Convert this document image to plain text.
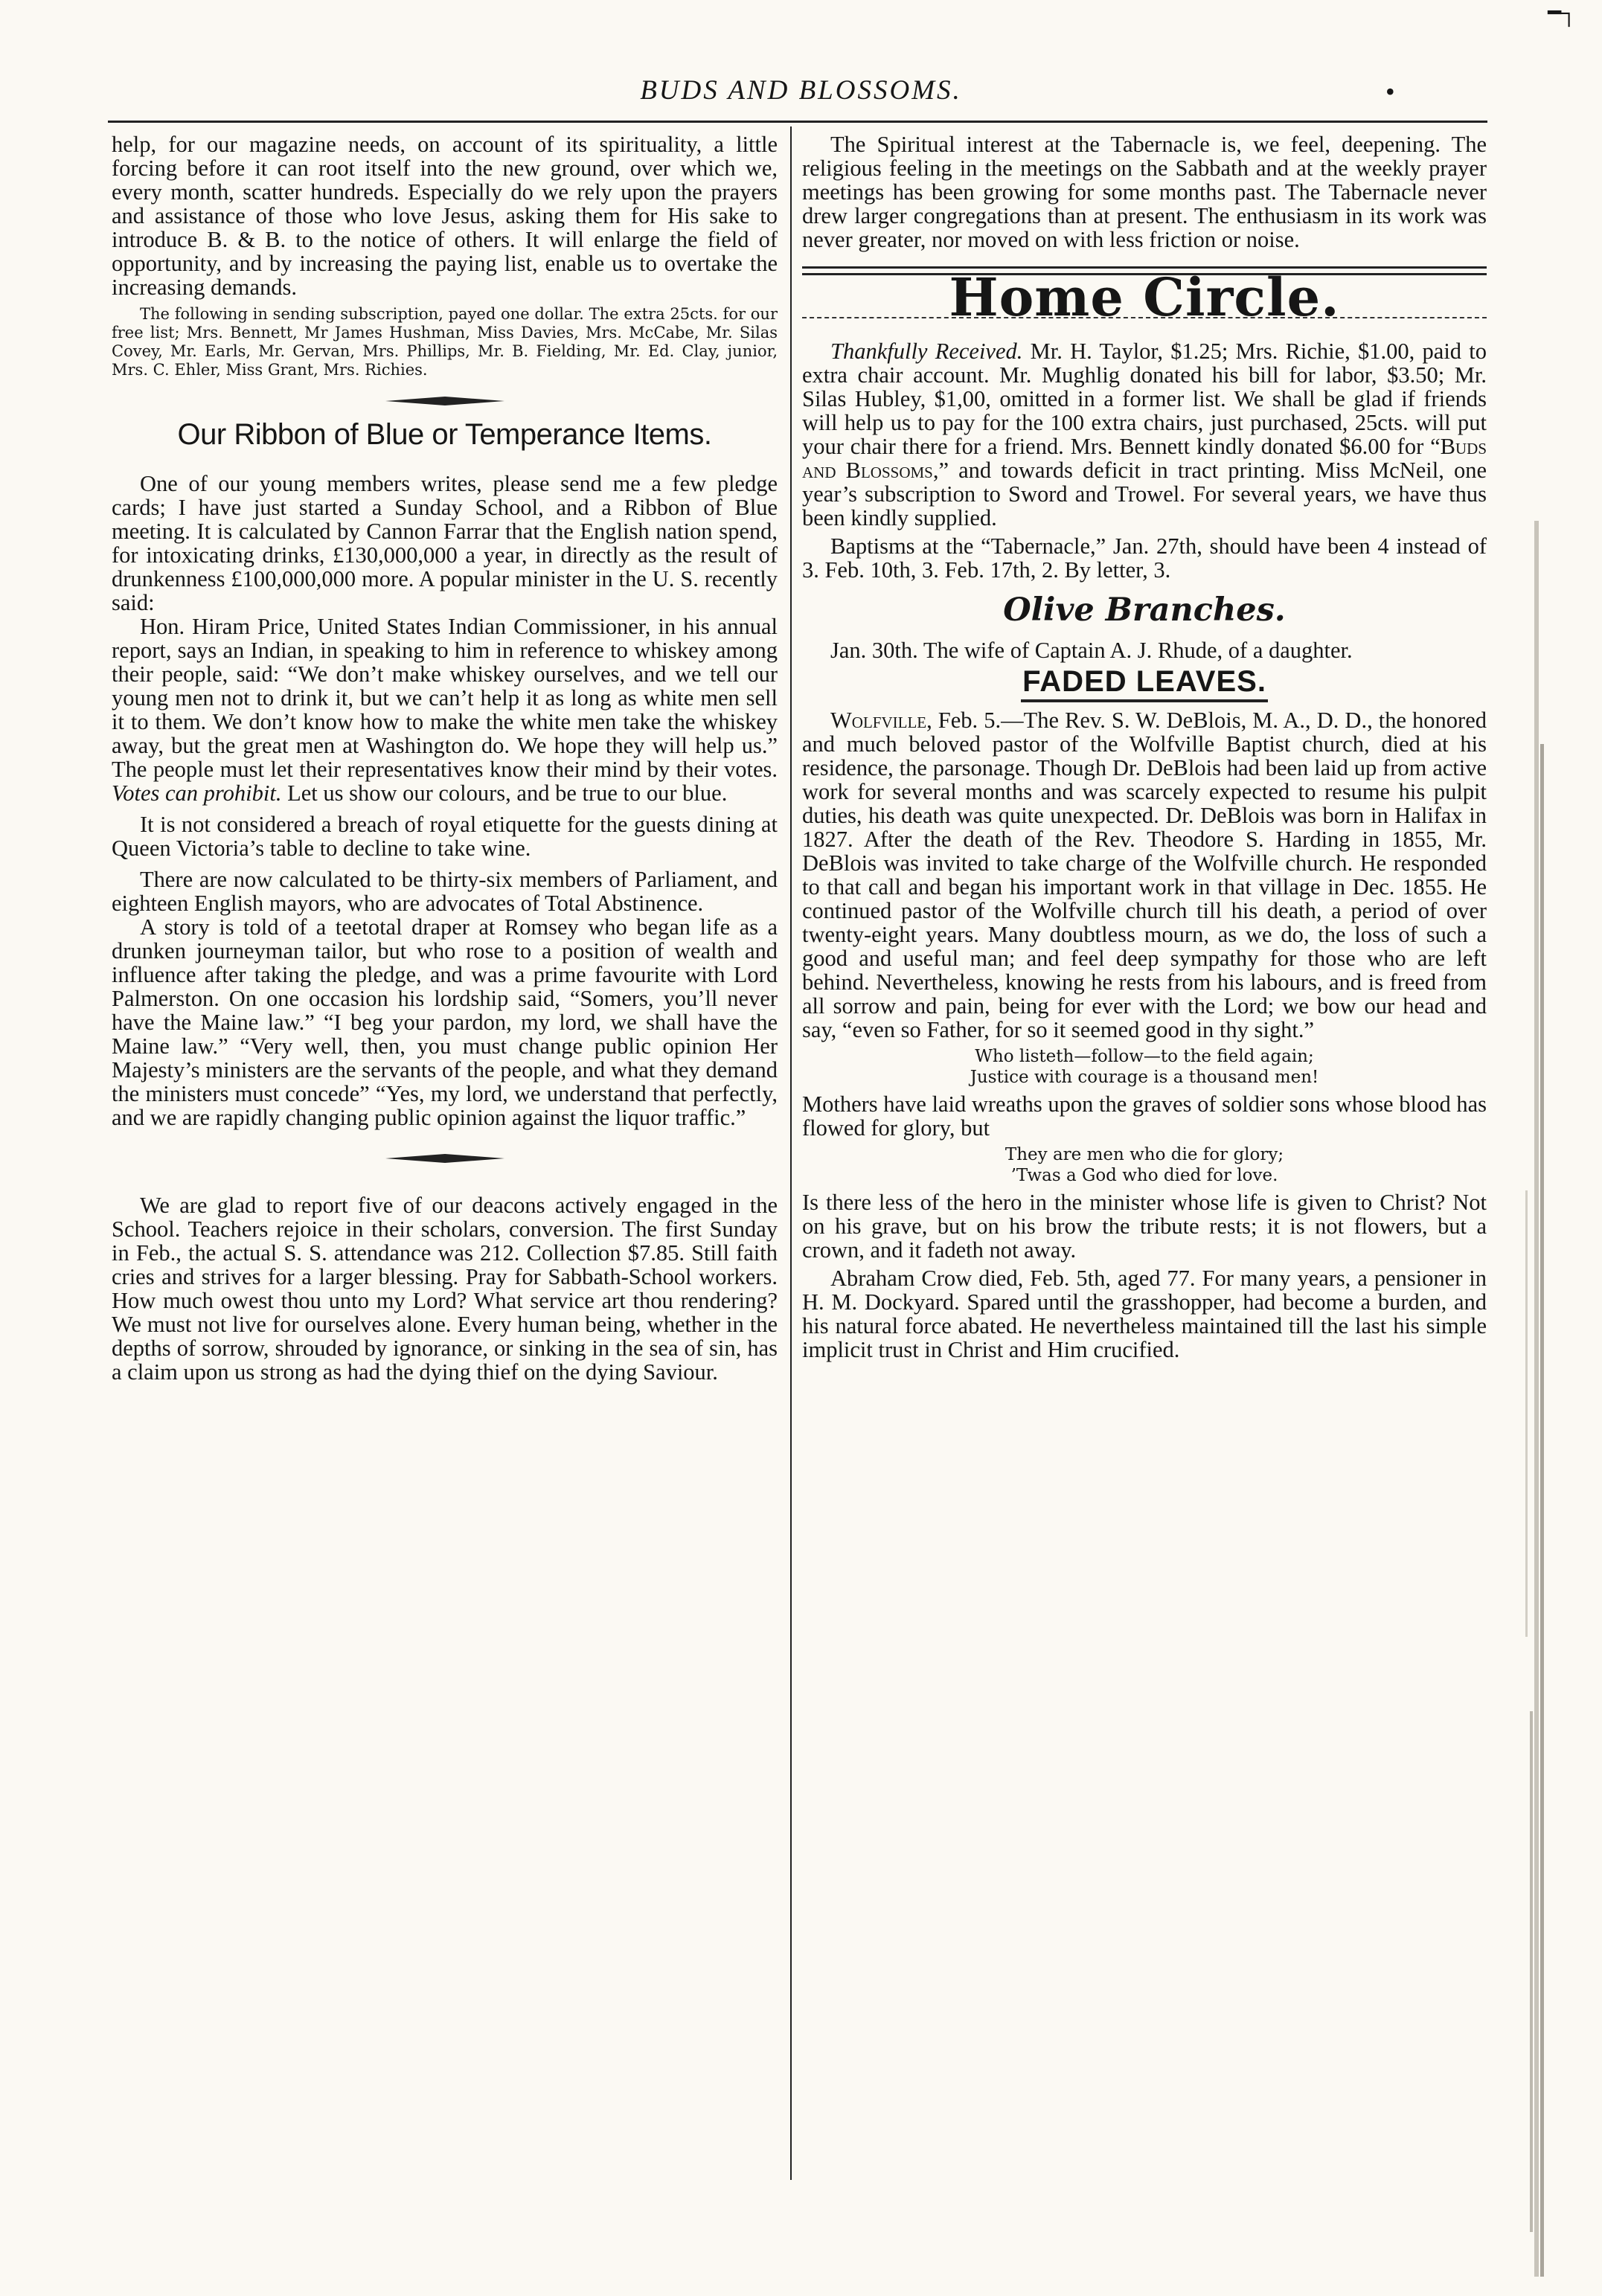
━┐
BUDS AND BLOSSOMS.	•

help, for our magazine needs, on account of its spirituality, a little forcing before it can root itself into the new ground, over which we, every month, scatter hundreds. Especially do we rely upon the prayers and assistance of those who love Jesus, asking them for His sake to introduce B. & B. to the notice of others. It will enlarge the field of opportunity, and by increasing the paying list, enable us to overtake the increasing demands.

The following in sending subscription, payed one dollar. The extra 25cts. for our free list; Mrs. Bennett, Mr James Hushman, Miss Davies, Mrs. McCabe, Mr. Silas Covey, Mr. Earls, Mr. Gervan, Mrs. Phillips, Mr. B. Fielding, Mr. Ed. Clay, junior, Mrs. C. Ehler, Miss Grant, Mrs. Richies.

Our Ribbon of Blue or Temperance Items.

One of our young members writes, please send me a few pledge cards; I have just started a Sunday School, and a Ribbon of Blue meeting. It is calculated by Cannon Farrar that the English nation spend, for intoxicating drinks, £130,000,000 a year, in directly as the result of drunkenness £100,000,000 more. A popular minister in the U. S. recently said:

Hon. Hiram Price, United States Indian Commissioner, in his annual report, says an Indian, in speaking to him in reference to whiskey among their people, said: “We don’t make whiskey ourselves, and we tell our young men not to drink it, but we can’t help it as long as white men sell it to them. We don’t know how to make the white men take the whiskey away, but the great men at Washington do. We hope they will help us.” The people must let their representatives know their mind by their votes. Votes can prohibit. Let us show our colours, and be true to our blue.

It is not considered a breach of royal etiquette for the guests dining at Queen Victoria’s table to decline to take wine.

There are now calculated to be thirty-six members of Parliament, and eighteen English mayors, who are advocates of Total Abstinence.

A story is told of a teetotal draper at Romsey who began life as a drunken journeyman tailor, but who rose to a position of wealth and influence after taking the pledge, and was a prime favourite with Lord Palmerston. On one occasion his lordship said, “Somers, you’ll never have the Maine law.” “I beg your pardon, my lord, we shall have the Maine law.” “Very well, then, you must change public opinion Her Majesty’s ministers are the servants of the people, and what they demand the ministers must concede” “Yes, my lord, we understand that perfectly, and we are rapidly changing public opinion against the liquor traffic.”

We are glad to report five of our deacons actively engaged in the School. Teachers rejoice in their scholars, conversion. The first Sunday in Feb., the actual S. S. attendance was 212. Collection $7.85. Still faith cries and strives for a larger blessing. Pray for Sabbath-School workers. How much owest thou unto my Lord? What service art thou rendering? We must not live for ourselves alone. Every human being, whether in the depths of sorrow, shrouded by ignorance, or sinking in the sea of sin, has a claim upon us strong as had the dying thief on the dying Saviour.

The Spiritual interest at the Tabernacle is, we feel, deepening. The religious feeling in the meetings on the Sabbath and at the weekly prayer meetings has been growing for some months past. The Tabernacle never drew larger congregations than at present. The enthusiasm in its work was never greater, nor moved on with less friction or noise.

Home Circle.

Thankfully Received. Mr. H. Taylor, $1.25; Mrs. Richie, $1.00, paid to extra chair account. Mr. Mughlig donated his bill for labor, $3.50; Mr. Silas Hubley, $1,00, omitted in a former list. We shall be glad if friends will help us to pay for the 100 extra chairs, just purchased, 25cts. will put your chair there for a friend. Mrs. Bennett kindly donated $6.00 for “Buds and Blossoms,” and towards deficit in tract printing. Miss McNeil, one year’s subscription to Sword and Trowel. For several years, we have thus been kindly supplied.

Baptisms at the “Tabernacle,” Jan. 27th, should have been 4 instead of 3. Feb. 10th, 3. Feb. 17th, 2. By letter, 3.

Olive Branches.

Jan. 30th. The wife of Captain A. J. Rhude, of a daughter.

FADED LEAVES.

Wolfville, Feb. 5.—The Rev. S. W. DeBlois, M. A., D. D., the honored and much beloved pastor of the Wolfville Baptist church, died at his residence, the parsonage. Though Dr. DeBlois had been laid up from active work for several months and was scarcely expected to resume his pulpit duties, his death was quite unexpected. Dr. DeBlois was born in Halifax in 1827. After the death of the Rev. Theodore S. Harding in 1855, Mr. DeBlois was invited to take charge of the Wolfville church. He responded to that call and began his important work in that village in Dec. 1855. He continued pastor of the Wolfville church till his death, a period of over twenty-eight years. Many doubtless mourn, as we do, the loss of such a good and useful man; and feel deep sympathy for those who are left behind. Nevertheless, knowing he rests from his labours, and is freed from all sorrow and pain, being for ever with the Lord; we bow our head and say, “even so Father, for so it seemed good in thy sight.”

Who listeth—follow—to the field again;
Justice with courage is a thousand men!

Mothers have laid wreaths upon the graves of soldier sons whose blood has flowed for glory, but

They are men who die for glory;
’Twas a God who died for love.

Is there less of the hero in the minister whose life is given to Christ? Not on his grave, but on his brow the tribute rests; it is not flowers, but a crown, and it fadeth not away.

Abraham Crow died, Feb. 5th, aged 77. For many years, a pensioner in H. M. Dockyard. Spared until the grasshopper, had become a burden, and his natural force abated. He nevertheless maintained till the last his simple implicit trust in Christ and Him crucified.
